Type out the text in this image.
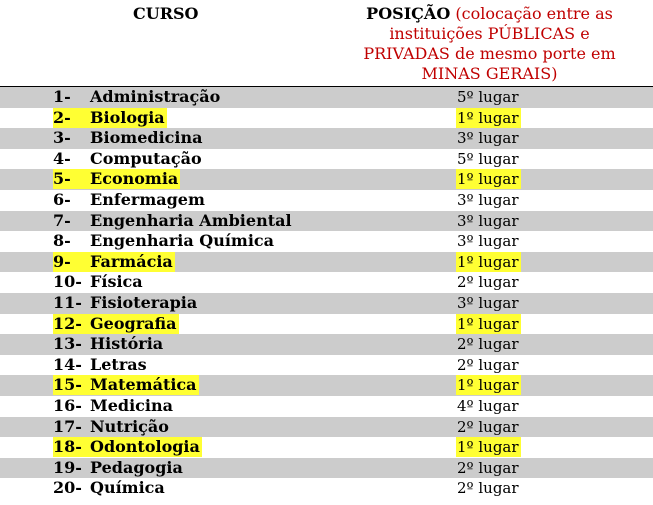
CURSO	POSIÇÃO (colocação entre as instituições PÚBLICAS e PRIVADAS de mesmo porte em MINAS GERAIS)
1- Administração	5º lugar
2- Biologia	1º lugar
3- Biomedicina	3º lugar
4- Computação	5º lugar
5- Economia	1º lugar
6- Enfermagem	3º lugar
7- Engenharia Ambiental	3º lugar
8- Engenharia Química	3º lugar
9- Farmácia	1º lugar
10- Física	2º lugar
11- Fisioterapia	3º lugar
12- Geografia	1º lugar
13- História	2º lugar
14- Letras	2º lugar
15- Matemática	1º lugar
16- Medicina	4º lugar
17- Nutrição	2º lugar
18- Odontologia	1º lugar
19- Pedagogia	2º lugar
20- Química	2º lugar
